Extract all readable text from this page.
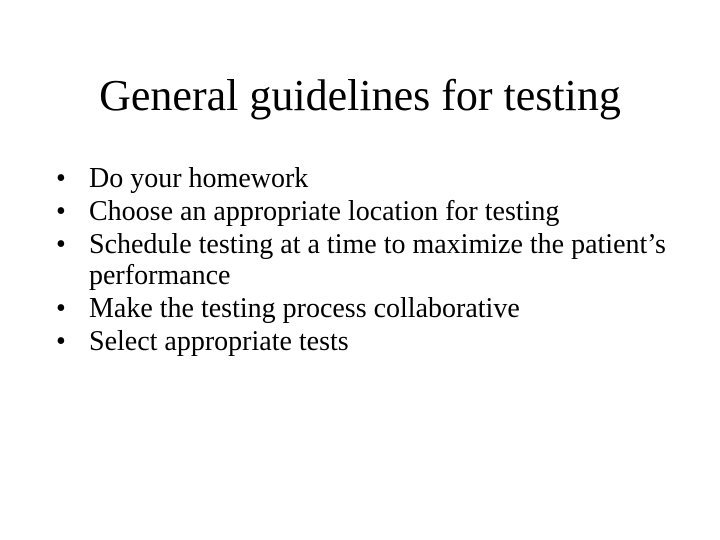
General guidelines for testing
• Do your homework
• Choose an appropriate location for testing
• Schedule testing at a time to maximize the patient’s performance
• Make the testing process collaborative
• Select appropriate tests
